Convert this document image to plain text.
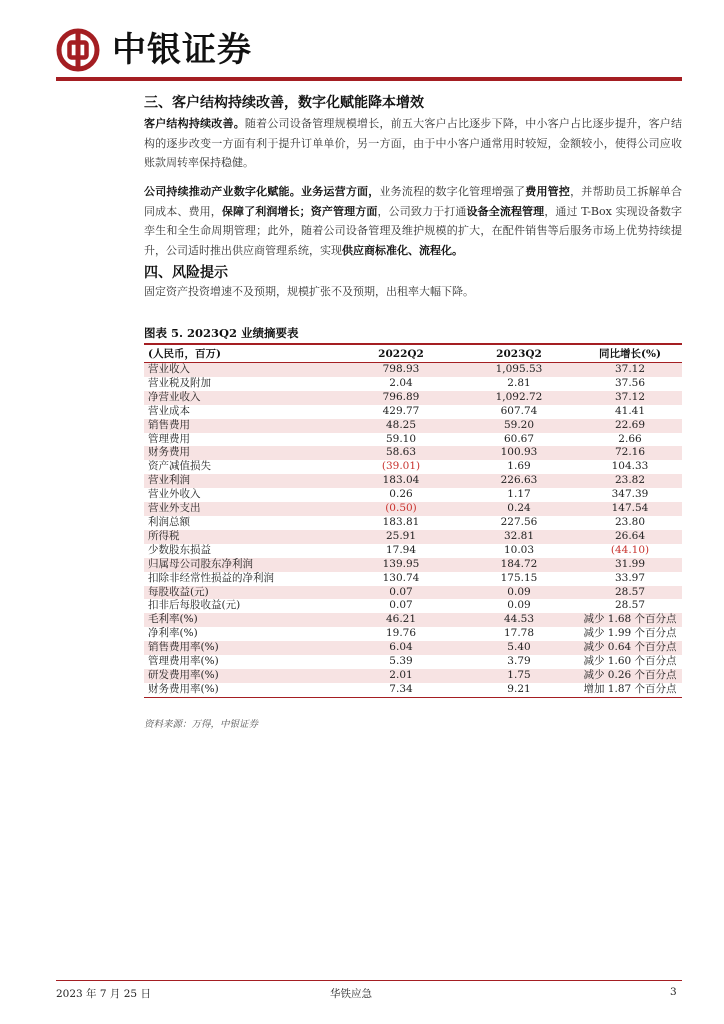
中银证券
三、客户结构持续改善，数字化赋能降本增效
客户结构持续改善。随着公司设备管理规模增长，前五大客户占比逐步下降，中小客户占比逐步提升，客户结构的逐步改变一方面有利于提升订单单价，另一方面，由于中小客户通常用时较短，金额较小，使得公司应收账款周转率保持稳健。
公司持续推动产业数字化赋能。业务运营方面，业务流程的数字化管理增强了费用管控，并帮助员工拆解单合同成本、费用，保障了利润增长；资产管理方面，公司致力于打通设备全流程管理，通过 T-Box 实现设备数字孪生和全生命周期管理；此外，随着公司设备管理及维护规模的扩大，在配件销售等后服务市场上优势持续提升，公司适时推出供应商管理系统，实现供应商标准化、流程化。
四、风险提示
固定资产投资增速不及预期，规模扩张不及预期，出租率大幅下降。
图表 5. 2023Q2 业绩摘要表
(人民币，百万)	2022Q2	2023Q2	同比增长(%)
营业收入	798.93	1,095.53	37.12
营业税及附加	2.04	2.81	37.56
净营业收入	796.89	1,092.72	37.12
营业成本	429.77	607.74	41.41
销售费用	48.25	59.20	22.69
管理费用	59.10	60.67	2.66
财务费用	58.63	100.93	72.16
资产减值损失	(39.01)	1.69	104.33
营业利润	183.04	226.63	23.82
营业外收入	0.26	1.17	347.39
营业外支出	(0.50)	0.24	147.54
利润总额	183.81	227.56	23.80
所得税	25.91	32.81	26.64
少数股东损益	17.94	10.03	(44.10)
归属母公司股东净利润	139.95	184.72	31.99
扣除非经常性损益的净利润	130.74	175.15	33.97
每股收益(元)	0.07	0.09	28.57
扣非后每股收益(元)	0.07	0.09	28.57
毛利率(%)	46.21	44.53	减少 1.68 个百分点
净利率(%)	19.76	17.78	减少 1.99 个百分点
销售费用率(%)	6.04	5.40	减少 0.64 个百分点
管理费用率(%)	5.39	3.79	减少 1.60 个百分点
研发费用率(%)	2.01	1.75	减少 0.26 个百分点
财务费用率(%)	7.34	9.21	增加 1.87 个百分点
资料来源：万得，中银证券
2023 年 7 月 25 日	华铁应急	3
